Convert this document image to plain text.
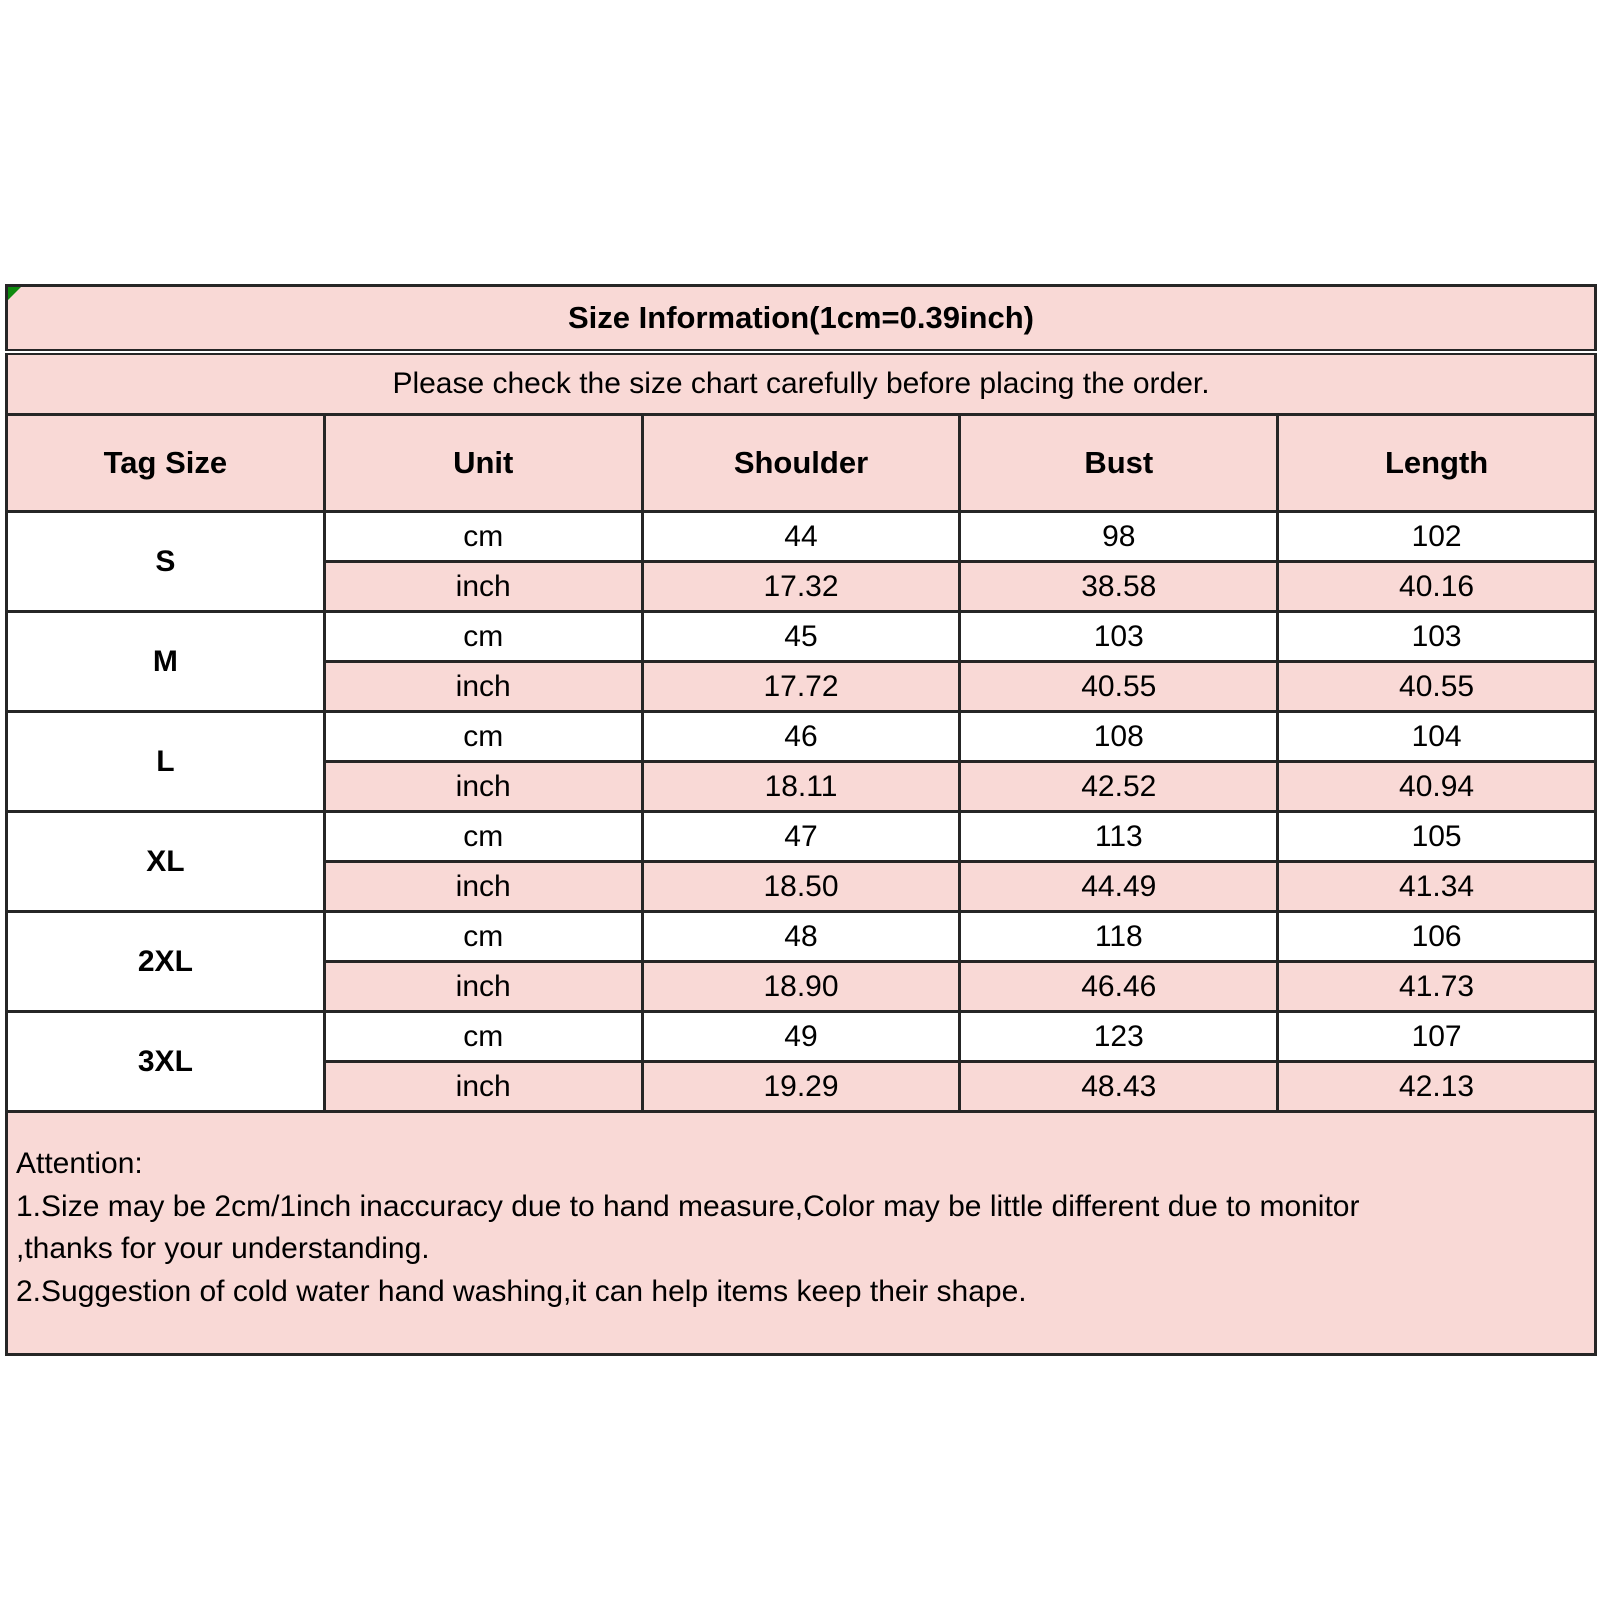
Size Information(1cm=0.39inch)				
Please check the size chart carefully before placing the order.				
Tag Size	Unit	Shoulder	Bust	Length
S	cm	44	98	102
	inch	17.32	38.58	40.16
M	cm	45	103	103
	inch	17.72	40.55	40.55
L	cm	46	108	104
	inch	18.11	42.52	40.94
XL	cm	47	113	105
	inch	18.50	44.49	41.34
2XL	cm	48	118	106
	inch	18.90	46.46	41.73
3XL	cm	49	123	107
	inch	19.29	48.43	42.13

Attention:
1.Size may be 2cm/1inch inaccuracy due to hand measure,Color may be little different due to monitor
,thanks for your understanding.
2.Suggestion of cold water hand washing,it can help items keep their shape.				
